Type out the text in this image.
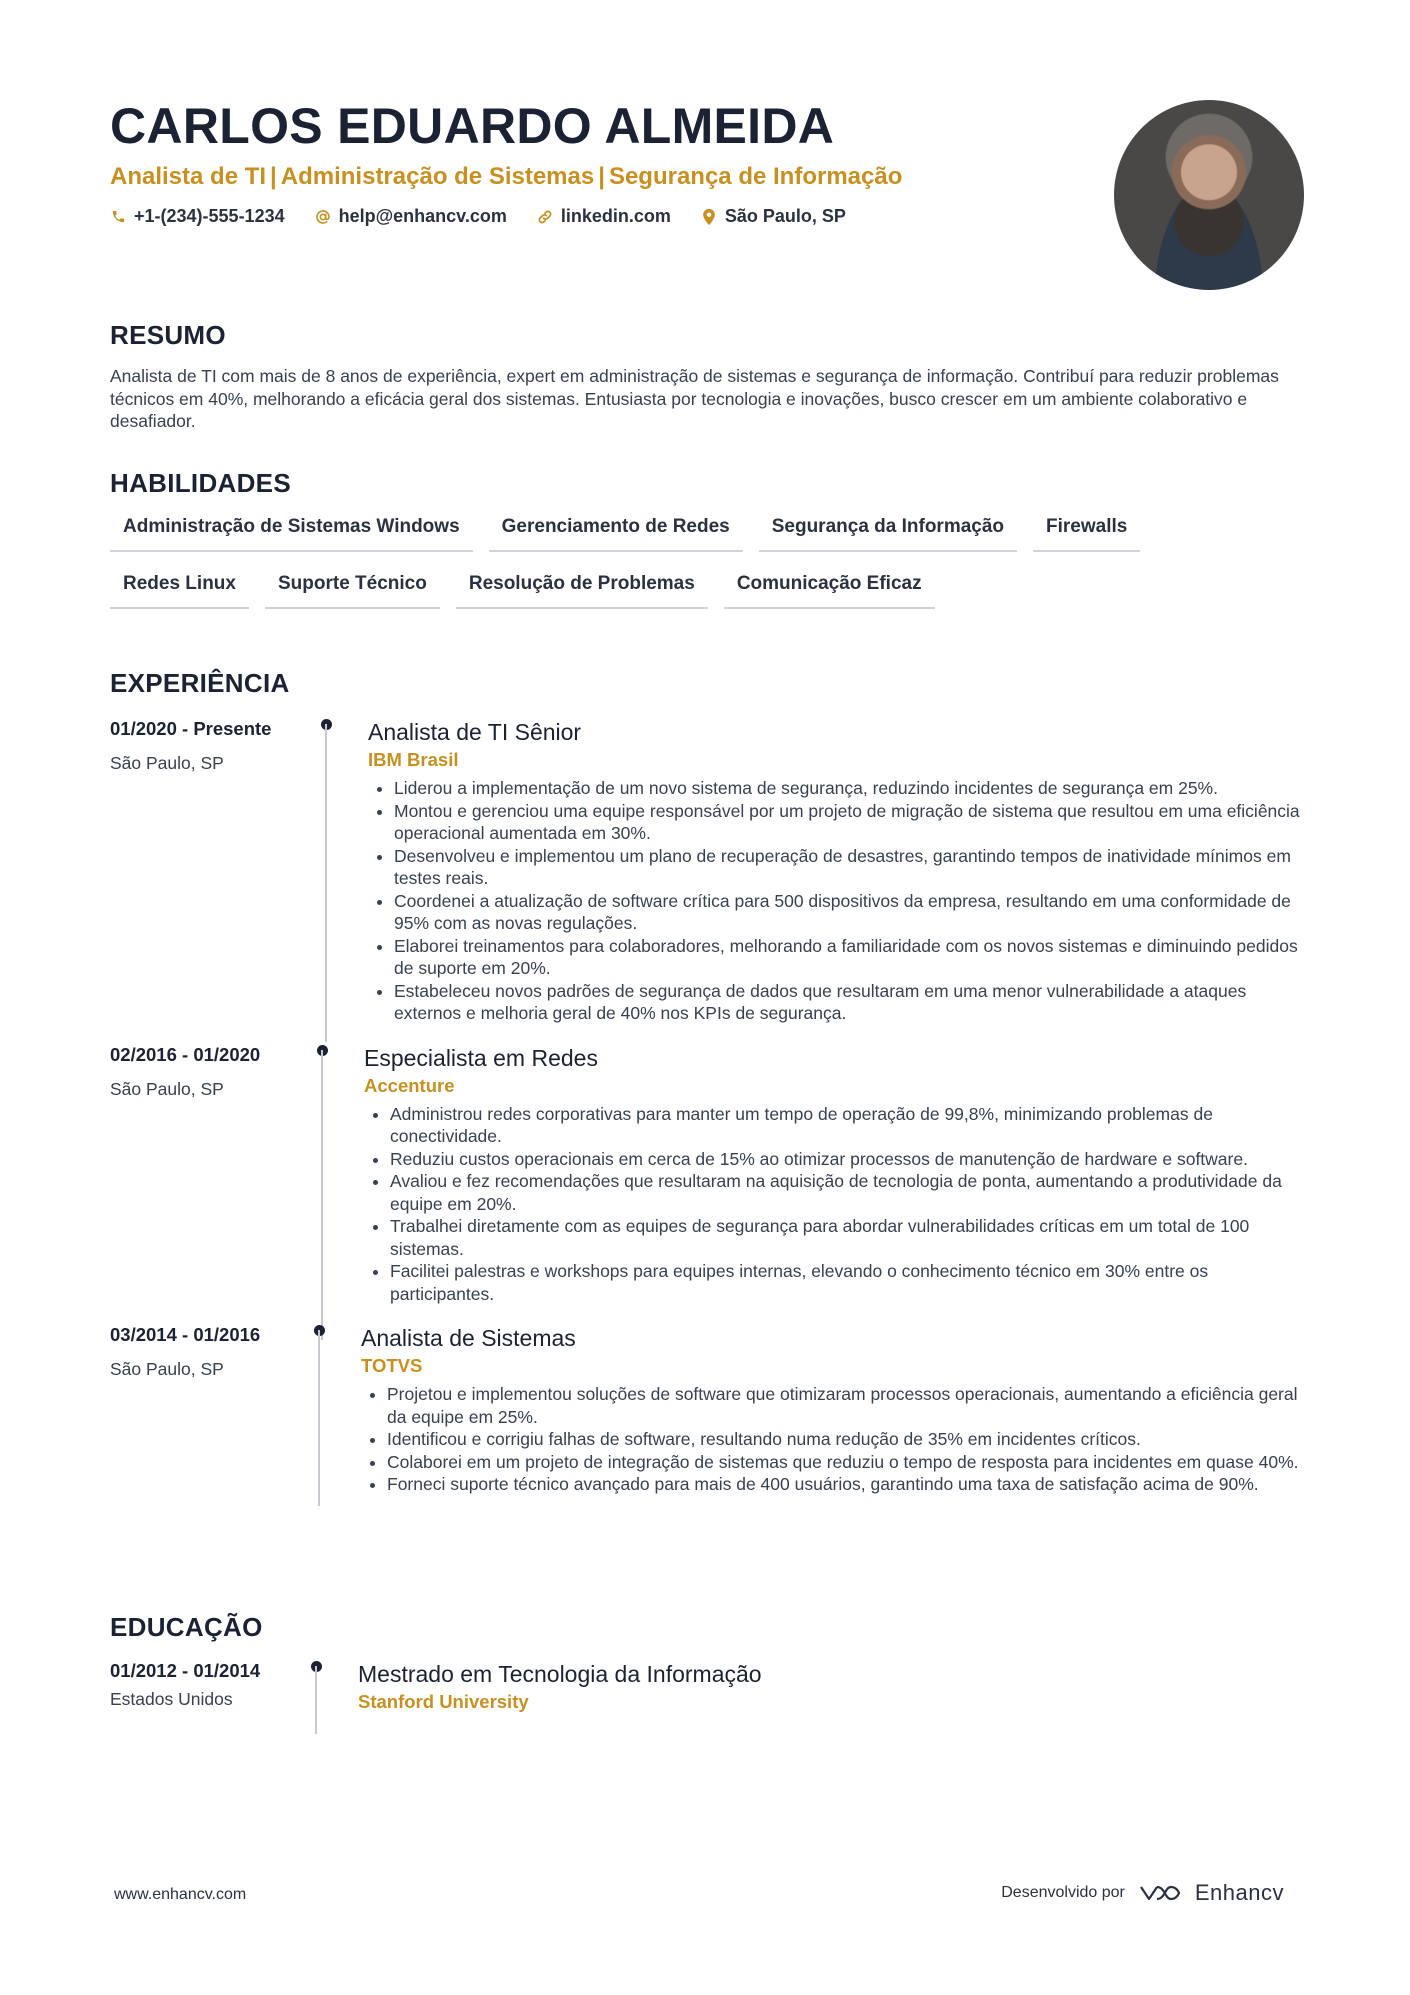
CARLOS EDUARDO ALMEIDA
Analista de TI | Administração de Sistemas | Segurança de Informação
+1-(234)-555-1234	help@enhancv.com	linkedin.com	São Paulo, SP
RESUMO

Analista de TI com mais de 8 anos de experiência, expert em administração de sistemas e segurança de informação. Contribuí para reduzir problemas técnicos em 40%, melhorando a eficácia geral dos sistemas. Entusiasta por tecnologia e inovações, busco crescer em um ambiente colaborativo e desafiador.

HABILIDADES
Administração de Sistemas Windows	Gerenciamento de Redes	Segurança da Informação	Firewalls
Redes Linux	Suporte Técnico	Resolução de Problemas	Comunicação Eficaz
EXPERIÊNCIA
01/2020 - Presente
São Paulo, SP
Analista de TI Sênior
IBM Brasil
• Liderou a implementação de um novo sistema de segurança, reduzindo incidentes de segurança em 25%.
• Montou e gerenciou uma equipe responsável por um projeto de migração de sistema que resultou em uma eficiência operacional aumentada em 30%.
• Desenvolveu e implementou um plano de recuperação de desastres, garantindo tempos de inatividade mínimos em testes reais.
• Coordenei a atualização de software crítica para 500 dispositivos da empresa, resultando em uma conformidade de 95% com as novas regulações.
• Elaborei treinamentos para colaboradores, melhorando a familiaridade com os novos sistemas e diminuindo pedidos de suporte em 20%.
• Estabeleceu novos padrões de segurança de dados que resultaram em uma menor vulnerabilidade a ataques externos e melhoria geral de 40% nos KPIs de segurança.
02/2016 - 01/2020
São Paulo, SP
Especialista em Redes
Accenture
• Administrou redes corporativas para manter um tempo de operação de 99,8%, minimizando problemas de conectividade.
• Reduziu custos operacionais em cerca de 15% ao otimizar processos de manutenção de hardware e software.
• Avaliou e fez recomendações que resultaram na aquisição de tecnologia de ponta, aumentando a produtividade da equipe em 20%.
• Trabalhei diretamente com as equipes de segurança para abordar vulnerabilidades críticas em um total de 100 sistemas.
• Facilitei palestras e workshops para equipes internas, elevando o conhecimento técnico em 30% entre os participantes.
03/2014 - 01/2016
São Paulo, SP
Analista de Sistemas
TOTVS
• Projetou e implementou soluções de software que otimizaram processos operacionais, aumentando a eficiência geral da equipe em 25%.
• Identificou e corrigiu falhas de software, resultando numa redução de 35% em incidentes críticos.
• Colaborei em um projeto de integração de sistemas que reduziu o tempo de resposta para incidentes em quase 40%.
• Forneci suporte técnico avançado para mais de 400 usuários, garantindo uma taxa de satisfação acima de 90%.
EDUCAÇÃO
01/2012 - 01/2014
Estados Unidos
Mestrado em Tecnologia da Informação
Stanford University
www.enhancv.com	Desenvolvido por	Enhancv
